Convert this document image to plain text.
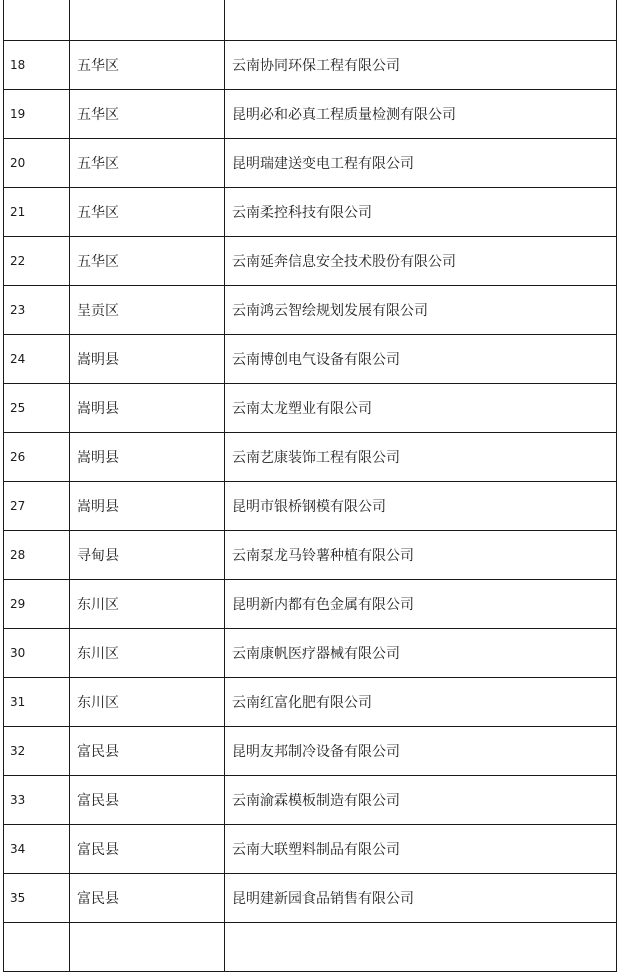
18	五华区	云南协同环保工程有限公司
19	五华区	昆明必和必真工程质量检测有限公司
20	五华区	昆明瑞建送变电工程有限公司
21	五华区	云南柔控科技有限公司
22	五华区	云南延奔信息安全技术股份有限公司
23	呈贡区	云南鸿云智绘规划发展有限公司
24	嵩明县	云南博创电气设备有限公司
25	嵩明县	云南太龙塑业有限公司
26	嵩明县	云南艺康装饰工程有限公司
27	嵩明县	昆明市银桥钢模有限公司
28	寻甸县	云南泵龙马铃薯种植有限公司
29	东川区	昆明新内都有色金属有限公司
30	东川区	云南康帆医疗器械有限公司
31	东川区	云南红富化肥有限公司
32	富民县	昆明友邦制冷设备有限公司
33	富民县	云南渝霖模板制造有限公司
34	富民县	云南大联塑料制品有限公司
35	富民县	昆明建新园食品销售有限公司
